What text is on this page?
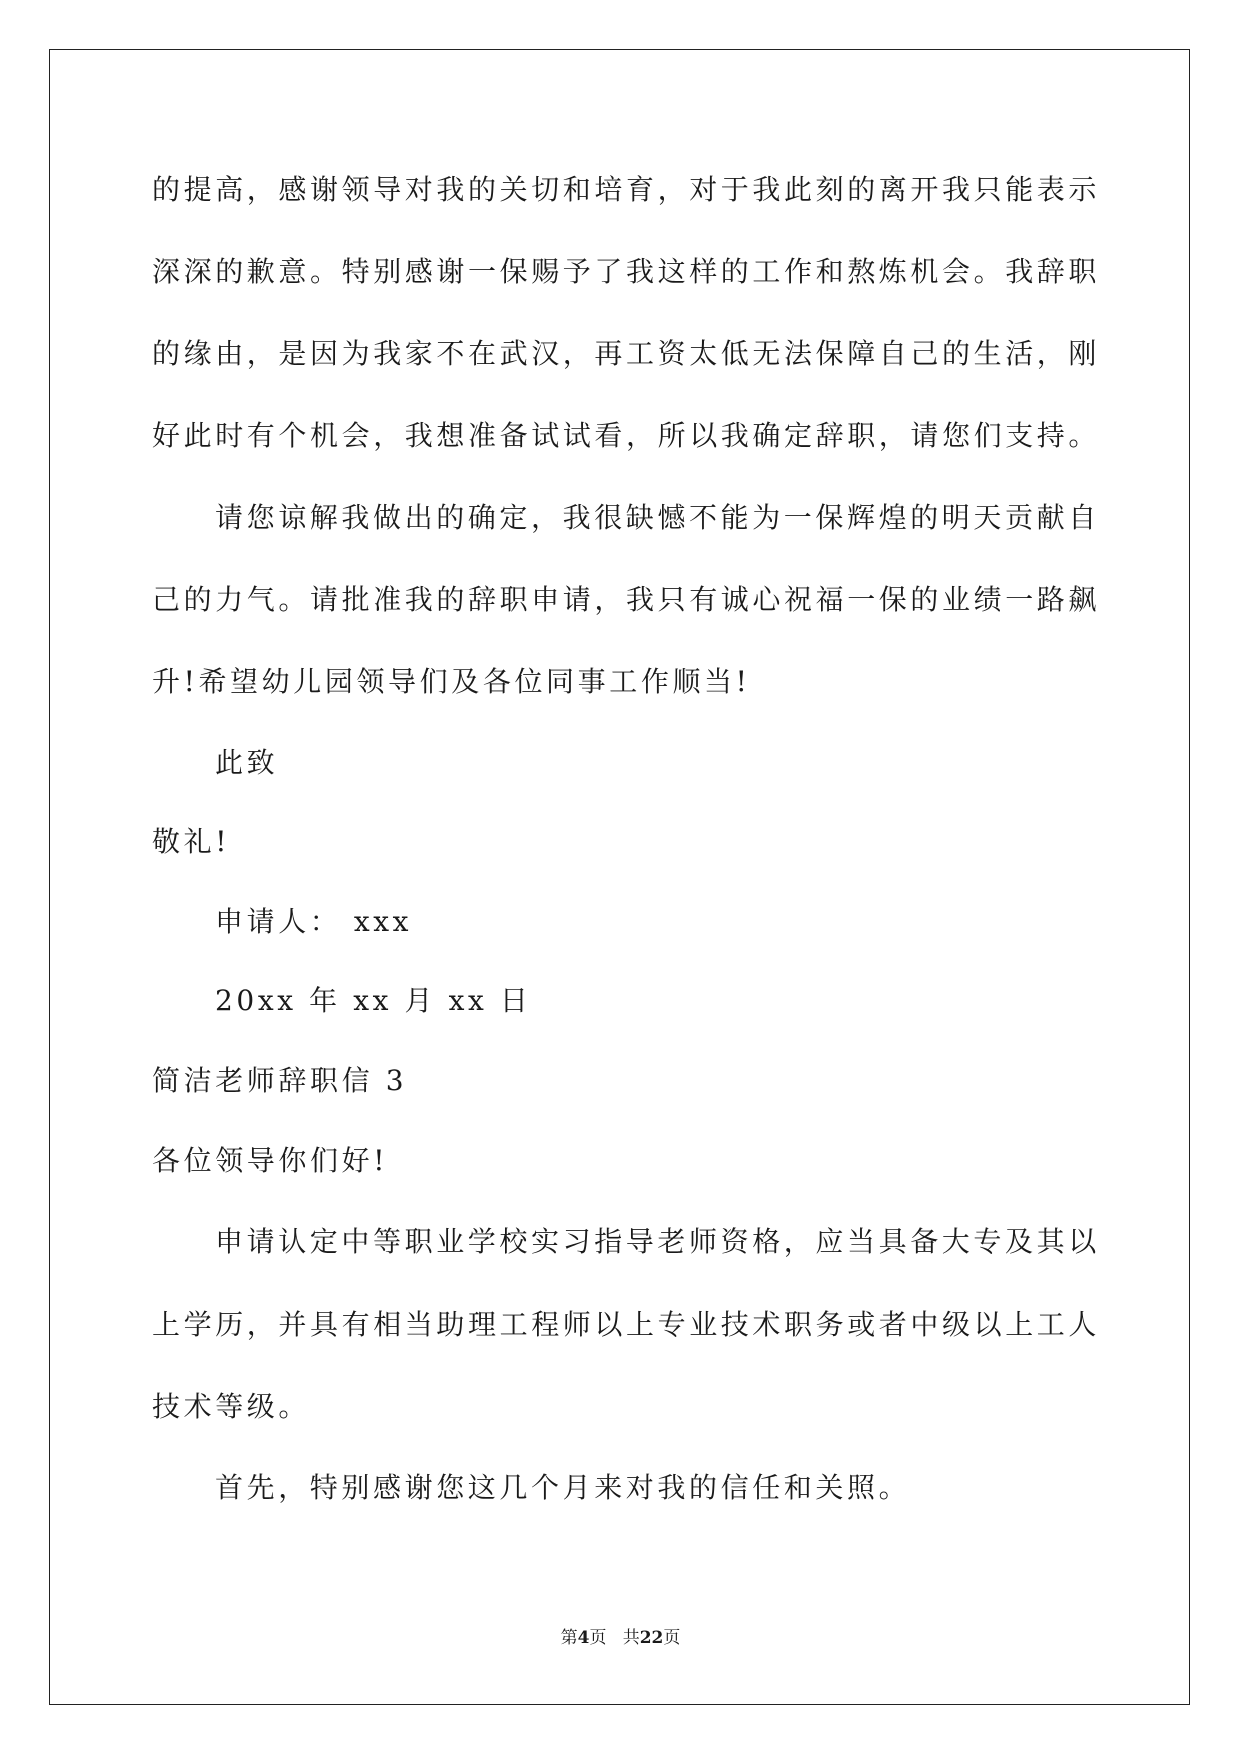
的提高，感谢领导对我的关切和培育，对于我此刻的离开我只能表示
深深的歉意。特别感谢一保赐予了我这样的工作和熬炼机会。我辞职
的缘由，是因为我家不在武汉，再工资太低无法保障自己的生活，刚
好此时有个机会，我想准备试试看，所以我确定辞职，请您们支持。
请您谅解我做出的确定，我很缺憾不能为一保辉煌的明天贡献自
己的力气。请批准我的辞职申请，我只有诚心祝福一保的业绩一路飙
升!希望幼儿园领导们及各位同事工作顺当!
此致
敬礼!
申请人： xxx
20xx 年 xx 月 xx 日
简洁老师辞职信 3
各位领导你们好!
申请认定中等职业学校实习指导老师资格，应当具备大专及其以
上学历，并具有相当助理工程师以上专业技术职务或者中级以上工人
技术等级。
首先，特别感谢您这几个月来对我的信任和关照。
第4页 共22页
